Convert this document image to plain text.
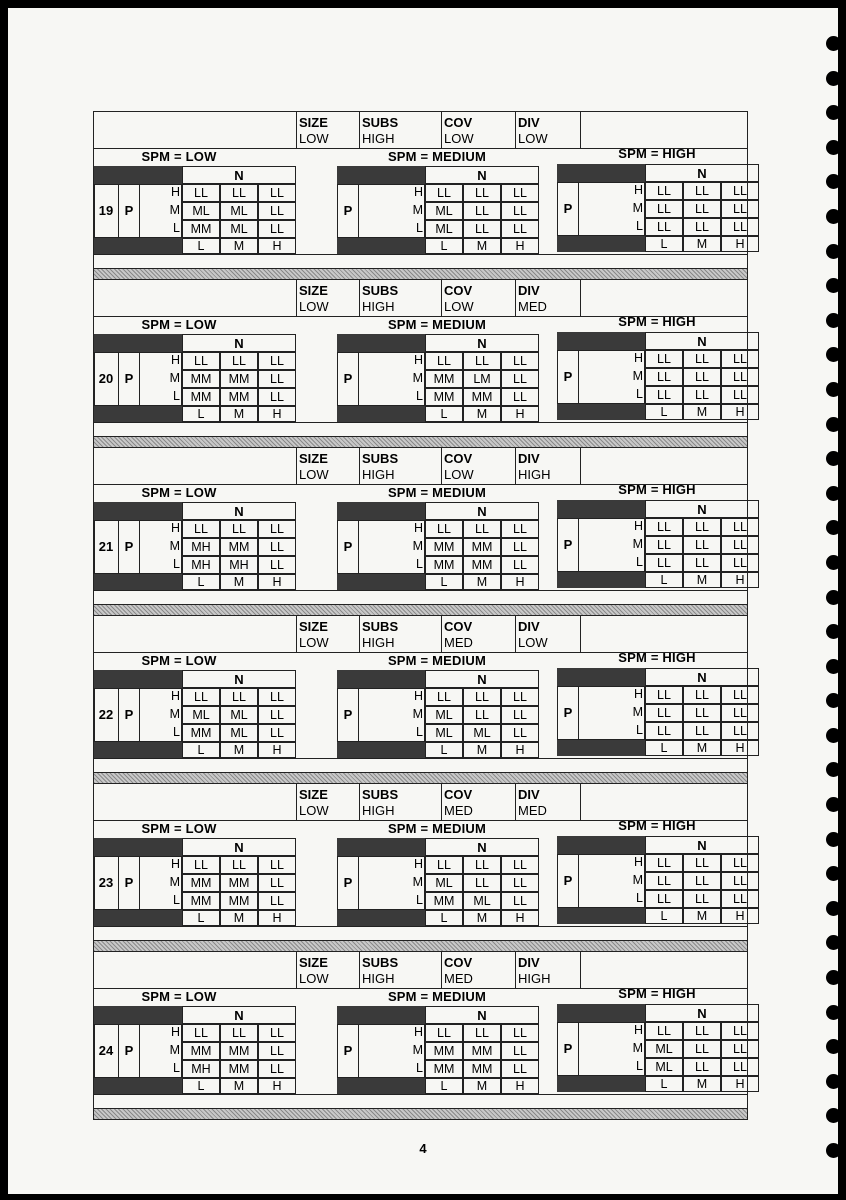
SIZE
LOW
SUBS
HIGH
COV
LOW
DIV
LOW
SPM = LOW
19 P
N
H	LL	LL	LL
M ML	ML	LL
L MM	ML	LL
L	M	H
SPM = MEDIUM
P
N
H	LL	LL	LL
M ML	LL	LL
L ML	LL	LL
L	M	H
SPM = HIGH
P
N
H	LL	LL	LL
M	LL	LL	LL
L	LL	LL	LL
L	M	H
SIZE
LOW
SUBS
HIGH
COV
LOW
DIV
MED
SPM = LOW
20 P
N
H	LL	LL	LL
M MM	MM	LL
L MM	MM	LL
L	M	H
SPM = MEDIUM
P
N
H	LL	LL	LL
M MM	LM	LL
L MM	MM	LL
L	M	H
SPM = HIGH
P
N
H	LL	LL	LL
M	LL	LL	LL
L	LL	LL	LL
L	M	H
SIZE
LOW
SUBS
HIGH
COV
LOW
DIV
HIGH
SPM = LOW
21 P
N
H	LL	LL	LL
M MH	MM	LL
L MH	MH	LL
L	M	H
SPM = MEDIUM
P
N
H	LL	LL	LL
M MM	MM	LL
L MM	MM	LL
L	M	H
SPM = HIGH
P
N
H	LL	LL	LL
M	LL	LL	LL
L	LL	LL	LL
L	M	H
SIZE
LOW
SUBS
HIGH
COV
MED
DIV
LOW
SPM = LOW
22 P
N
H	LL	LL	LL
M ML	ML	LL
L MM	ML	LL
L	M	H
SPM = MEDIUM
P
N
H	LL	LL	LL
M ML	LL	LL
L ML	ML	LL
L	M	H
SPM = HIGH
P
N
H	LL	LL	LL
M	LL	LL	LL
L	LL	LL	LL
L	M	H
SIZE
LOW
SUBS
HIGH
COV
MED
DIV
MED
SPM = LOW
23 P
N
H	LL	LL	LL
M MM	MM	LL
L MM	MM	LL
L	M	H
SPM = MEDIUM
P
N
H	LL	LL	LL
M ML	LL	LL
L MM	ML	LL
L	M	H
SPM = HIGH
P
N
H	LL	LL	LL
M	LL	LL	LL
L	LL	LL	LL
L	M	H
SIZE
LOW
SUBS
HIGH
COV
MED
DIV
HIGH
SPM = LOW
24 P
N
H	LL	LL	LL
M MM	MM	LL
L MH	MM	LL
L	M	H
SPM = MEDIUM
P
N
H	LL	LL	LL
M MM	MM	LL
L MM	MM	LL
L	M	H
SPM = HIGH
P
N
H	LL	LL	LL
M ML	LL	LL
L ML	LL	LL
L	M	H
4
